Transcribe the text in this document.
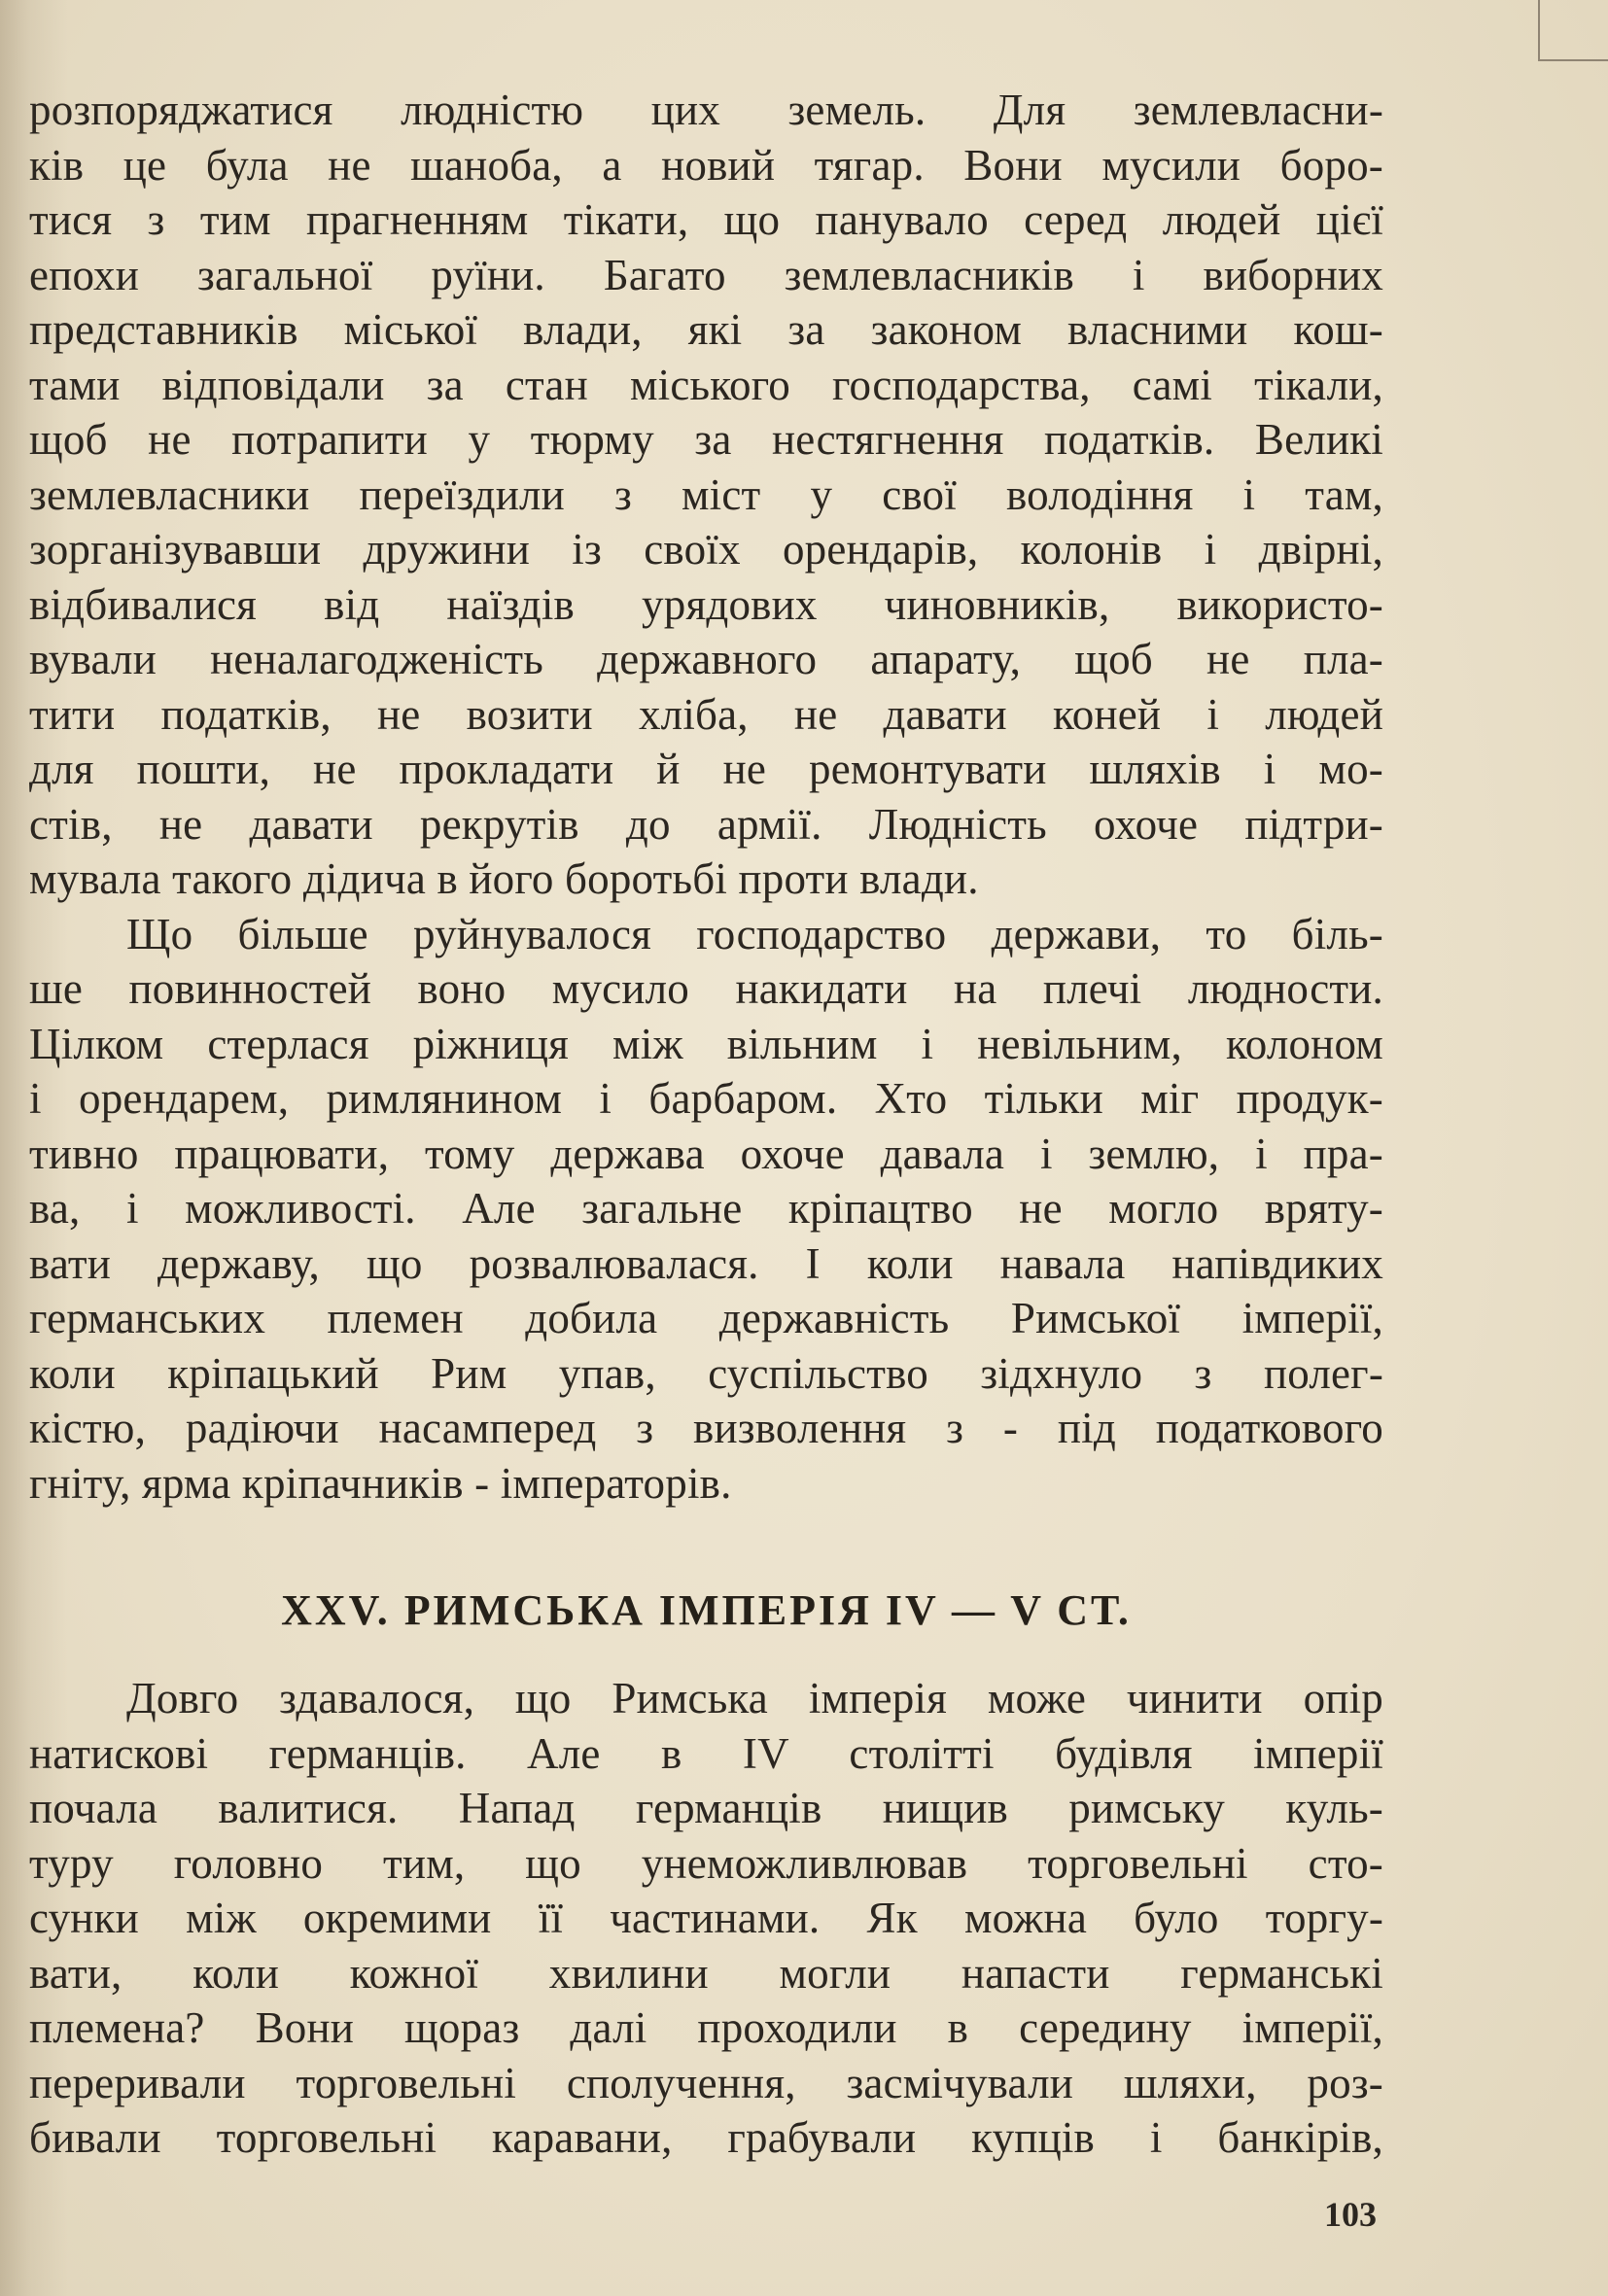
розпоряджатися людністю цих земель. Для землевласни-
ків це була не шаноба, а новий тягар. Вони мусили боро-
тися з тим прагненням тікати, що панувало серед людей цієї
епохи загальної руїни. Багато землевласників і виборних
представників міської влади, які за законом власними кош-
тами відповідали за стан міського господарства, самі тікали,
щоб не потрапити у тюрму за нестягнення податків. Великі
землевласники переїздили з міст у свої володіння і там,
зорганізувавши дружини із своїх орендарів, колонів і двірні,
відбивалися від наїздів урядових чиновників, використо-
вували неналагодженість державного апарату, щоб не пла-
тити податків, не возити хліба, не давати коней і людей
для пошти, не прокладати й не ремонтувати шляхів і мо-
стів, не давати рекрутів до армії. Людність охоче підтри-
мувала такого дідича в його боротьбі проти влади.
Що більше руйнувалося господарство держави, то біль-
ше повинностей воно мусило накидати на плечі людности.
Цілком стерлася ріжниця між вільним і невільним, колоном
і орендарем, римлянином і барбаром. Хто тільки міг продук-
тивно працювати, тому держава охоче давала і землю, і пра-
ва, і можливості. Але загальне кріпацтво не могло вряту-
вати державу, що розвалювалася. І коли навала напівдиких
германських племен добила державність Римської імперії,
коли кріпацький Рим упав, суспільство зідхнуло з полег-
кістю, радіючи насамперед з визволення з - під податкового
гніту, ярма кріпачників - імператорів.
XXV. РИМСЬКА ІМПЕРІЯ IV — V СТ.
Довго здавалося, що Римська імперія може чинити опір
натискові германців. Але в IV столітті будівля імперії
почала валитися. Напад германців нищив римську куль-
туру головно тим, що унеможливлював торговельні сто-
сунки між окремими її частинами. Як можна було торгу-
вати, коли кожної хвилини могли напасти германські
племена? Вони щораз далі проходили в середину імперії,
переривали торговельні сполучення, засмічували шляхи, роз-
бивали торговельні каравани, грабували купців і банкірів,
103
